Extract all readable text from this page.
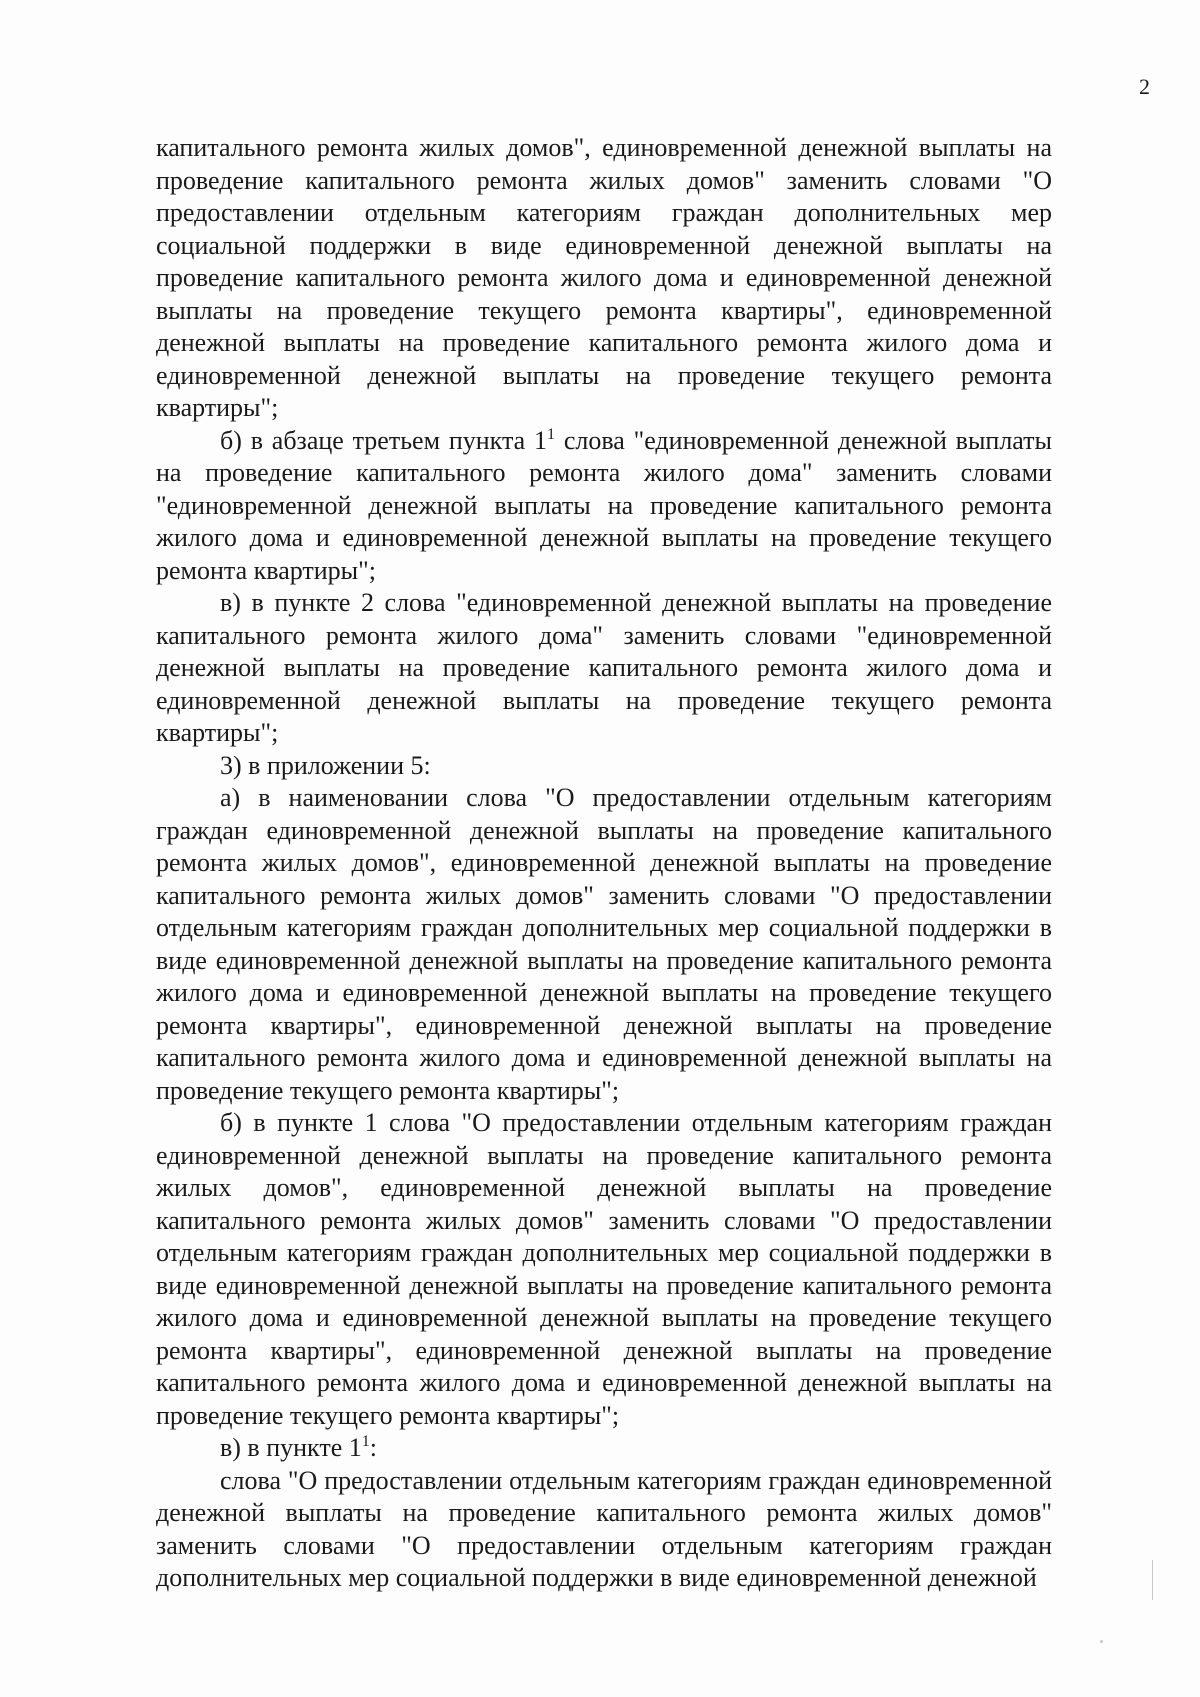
2

капитального ремонта жилых домов", единовременной денежной выплаты на проведение капитального ремонта жилых домов" заменить словами "О предоставлении отдельным категориям граждан дополнительных мер социальной поддержки в виде единовременной денежной выплаты на проведение капитального ремонта жилого дома и единовременной денежной выплаты на проведение текущего ремонта квартиры", единовременной денежной выплаты на проведение капитального ремонта жилого дома и единовременной денежной выплаты на проведение текущего ремонта квартиры";

б) в абзаце третьем пункта $1^1$ слова "единовременной денежной выплаты на проведение капитального ремонта жилого дома" заменить словами "единовременной денежной выплаты на проведение капитального ремонта жилого дома и единовременной денежной выплаты на проведение текущего ремонта квартиры";

в) в пункте 2 слова "единовременной денежной выплаты на проведение капитального ремонта жилого дома" заменить словами "единовременной денежной выплаты на проведение капитального ремонта жилого дома и единовременной денежной выплаты на проведение текущего ремонта квартиры";

3) в приложении 5:

а) в наименовании слова "О предоставлении отдельным категориям граждан единовременной денежной выплаты на проведение капитального ремонта жилых домов", единовременной денежной выплаты на проведение капитального ремонта жилых домов" заменить словами "О предоставлении отдельным категориям граждан дополнительных мер социальной поддержки в виде единовременной денежной выплаты на проведение капитального ремонта жилого дома и единовременной денежной выплаты на проведение текущего ремонта квартиры", единовременной денежной выплаты на проведение капитального ремонта жилого дома и единовременной денежной выплаты на проведение текущего ремонта квартиры";

б) в пункте 1 слова "О предоставлении отдельным категориям граждан единовременной денежной выплаты на проведение капитального ремонта жилых домов", единовременной денежной выплаты на проведение капитального ремонта жилых домов" заменить словами "О предоставлении отдельным категориям граждан дополнительных мер социальной поддержки в виде единовременной денежной выплаты на проведение капитального ремонта жилого дома и единовременной денежной выплаты на проведение текущего ремонта квартиры", единовременной денежной выплаты на проведение капитального ремонта жилого дома и единовременной денежной выплаты на проведение текущего ремонта квартиры";

в) в пункте $1^1$:

слова "О предоставлении отдельным категориям граждан единовременной денежной выплаты на проведение капитального ремонта жилых домов" заменить словами "О предоставлении отдельным категориям граждан дополнительных мер социальной поддержки в виде единовременной денежной
